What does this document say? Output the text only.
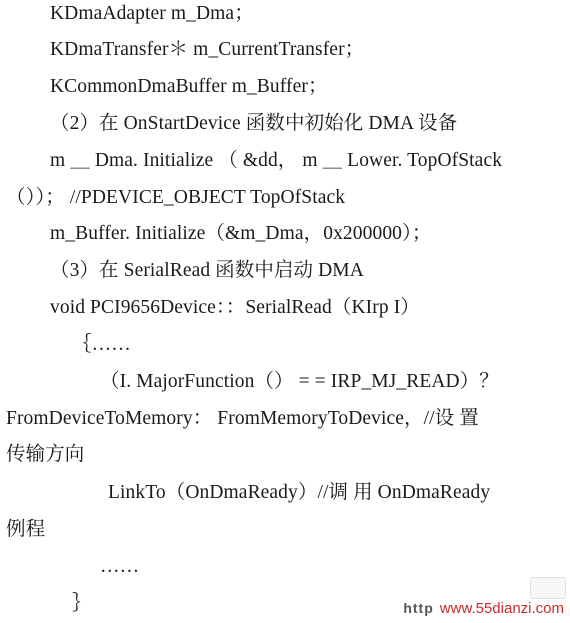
KDmaAdapter m_Dma；
KDmaTransfer＊ m_CurrentTransfer；
KCommonDmaBuffer m_Buffer；
（2）在 OnStartDevice 函数中初始化 DMA 设备
m ＿ Dma. Initialize （ &dd， m ＿ Lower. TopOfStack
（））； //PDEVICE_OBJECT TopOfStack
m_Buffer. Initialize（&m_Dma，0x200000）；
（3）在 SerialRead 函数中启动 DMA
void PCI9656Device：：SerialRead（KIrp I）
｛……
（I. MajorFunction（） = = IRP_MJ_READ）？
FromDeviceToMemory： FromMemoryToDevice，//设 置
传输方向
LinkTo（OnDmaReady）//调 用 OnDmaReady
例程
……
｝	http www.55dianzi.com
